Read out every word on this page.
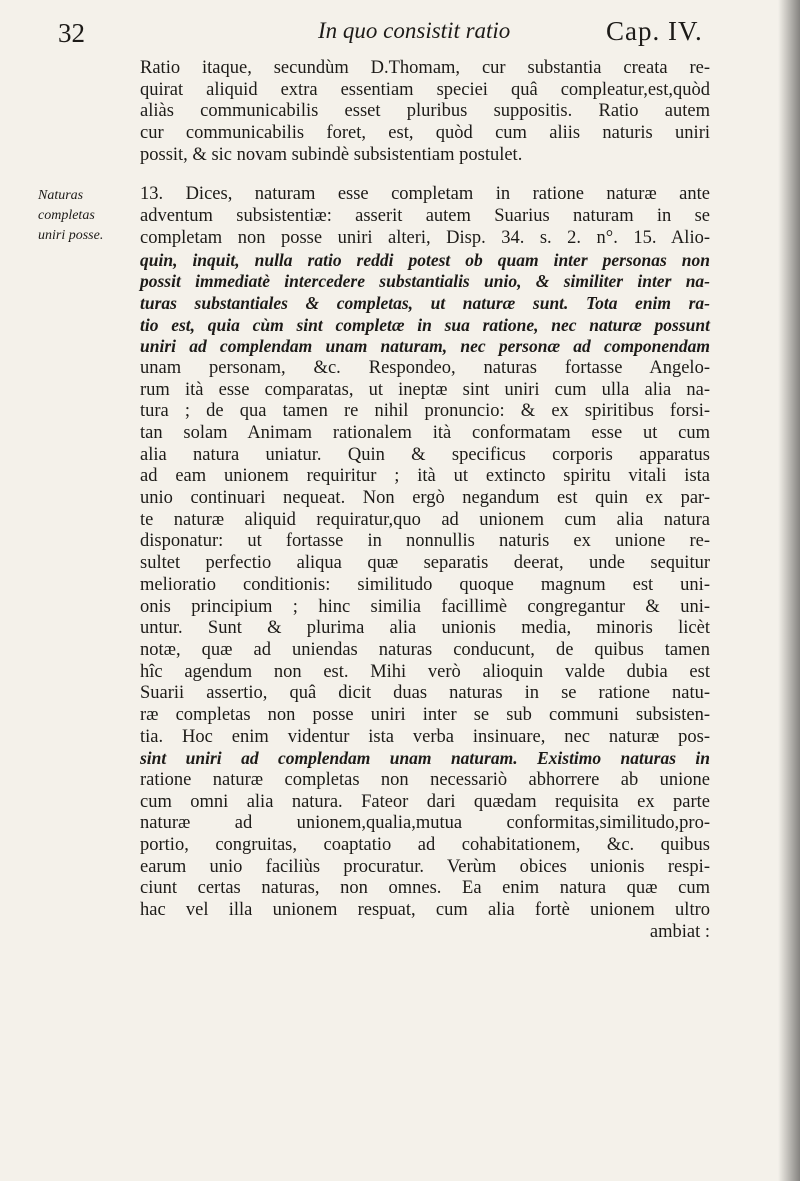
32	In quo consistit ratio	Cap. IV.
Naturas
completas
uniri posse.
Ratio itaque, secundùm D.Thomam, cur substantia creata re-
quirat aliquid extra essentiam speciei quâ compleatur,est,quòd
aliàs communicabilis esset pluribus suppositis. Ratio autem
cur communicabilis foret, est, quòd cum aliis naturis uniri
possit, & sic novam subindè subsistentiam postulet.
13. Dices, naturam esse completam in ratione naturæ ante
adventum subsistentiæ: asserit autem Suarius naturam in se
completam non posse uniri alteri, Disp. 34. s. 2. n°. 15. Alio-
quin, inquit, nulla ratio reddi potest ob quam inter personas non
possit immediatè intercedere substantialis unio, & similiter inter na-
turas substantiales & completas, ut naturæ sunt. Tota enim ra-
tio est, quia cùm sint completæ in sua ratione, nec naturæ possunt
uniri ad complendam unam naturam, nec personæ ad componendam
unam personam, &c. Respondeo, naturas fortasse Angelo-
rum ità esse comparatas, ut ineptæ sint uniri cum ulla alia na-
tura ; de qua tamen re nihil pronuncio: & ex spiritibus forsi-
tan solam Animam rationalem ità conformatam esse ut cum
alia natura uniatur. Quin & specificus corporis apparatus
ad eam unionem requiritur ; ità ut extincto spiritu vitali ista
unio continuari nequeat. Non ergò negandum est quin ex par-
te naturæ aliquid requiratur,quo ad unionem cum alia natura
disponatur: ut fortasse in nonnullis naturis ex unione re-
sultet perfectio aliqua quæ separatis deerat, unde sequitur
melioratio conditionis: similitudo quoque magnum est uni-
onis principium ; hinc similia facillimè congregantur & uni-
untur. Sunt & plurima alia unionis media, minoris licèt
notæ, quæ ad uniendas naturas conducunt, de quibus tamen
hîc agendum non est. Mihi verò alioquin valde dubia est
Suarii assertio, quâ dicit duas naturas in se ratione natu-
ræ completas non posse uniri inter se sub communi subsisten-
tia. Hoc enim videntur ista verba insinuare, nec naturæ pos-
sint uniri ad complendam unam naturam. Existimo naturas in
ratione naturæ completas non necessariò abhorrere ab unione
cum omni alia natura. Fateor dari quædam requisita ex parte
naturæ ad unionem,qualia,mutua conformitas,similitudo,pro-
portio, congruitas, coaptatio ad cohabitationem, &c. quibus
earum unio faciliùs procuratur. Verùm obices unionis respi-
ciunt certas naturas, non omnes. Ea enim natura quæ cum
hac vel illa unionem respuat, cum alia fortè unionem ultro
ambiat :
